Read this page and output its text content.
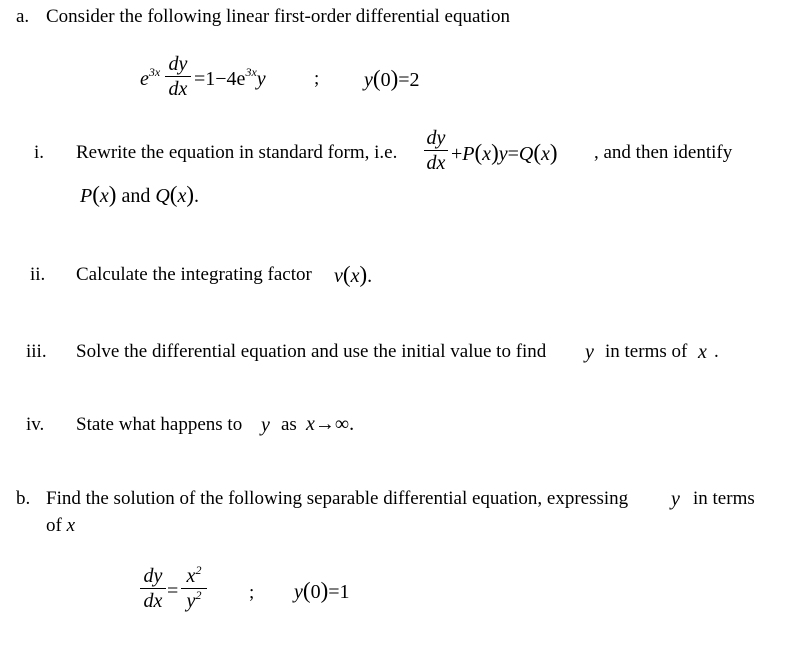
a. Consider the following linear first-order differential equation
$e^{3x}$ dy
dx $=1-4e^{3x}y$	; y(0)=2
i. Rewrite the equation in standard form, i.e.
dy
dx +P(x)y=Q(x) , and then identify
P(x) and Q(x).
ii. Calculate the integrating factor v(x).
iii. Solve the differential equation and use the initial value to find y in terms of x .
iv. State what happens to y as x→∞.
b. Find the solution of the following separable differential equation, expressing y in terms
of x
dy
dx =
$x^2$
$y^2$	; y(0)=1
